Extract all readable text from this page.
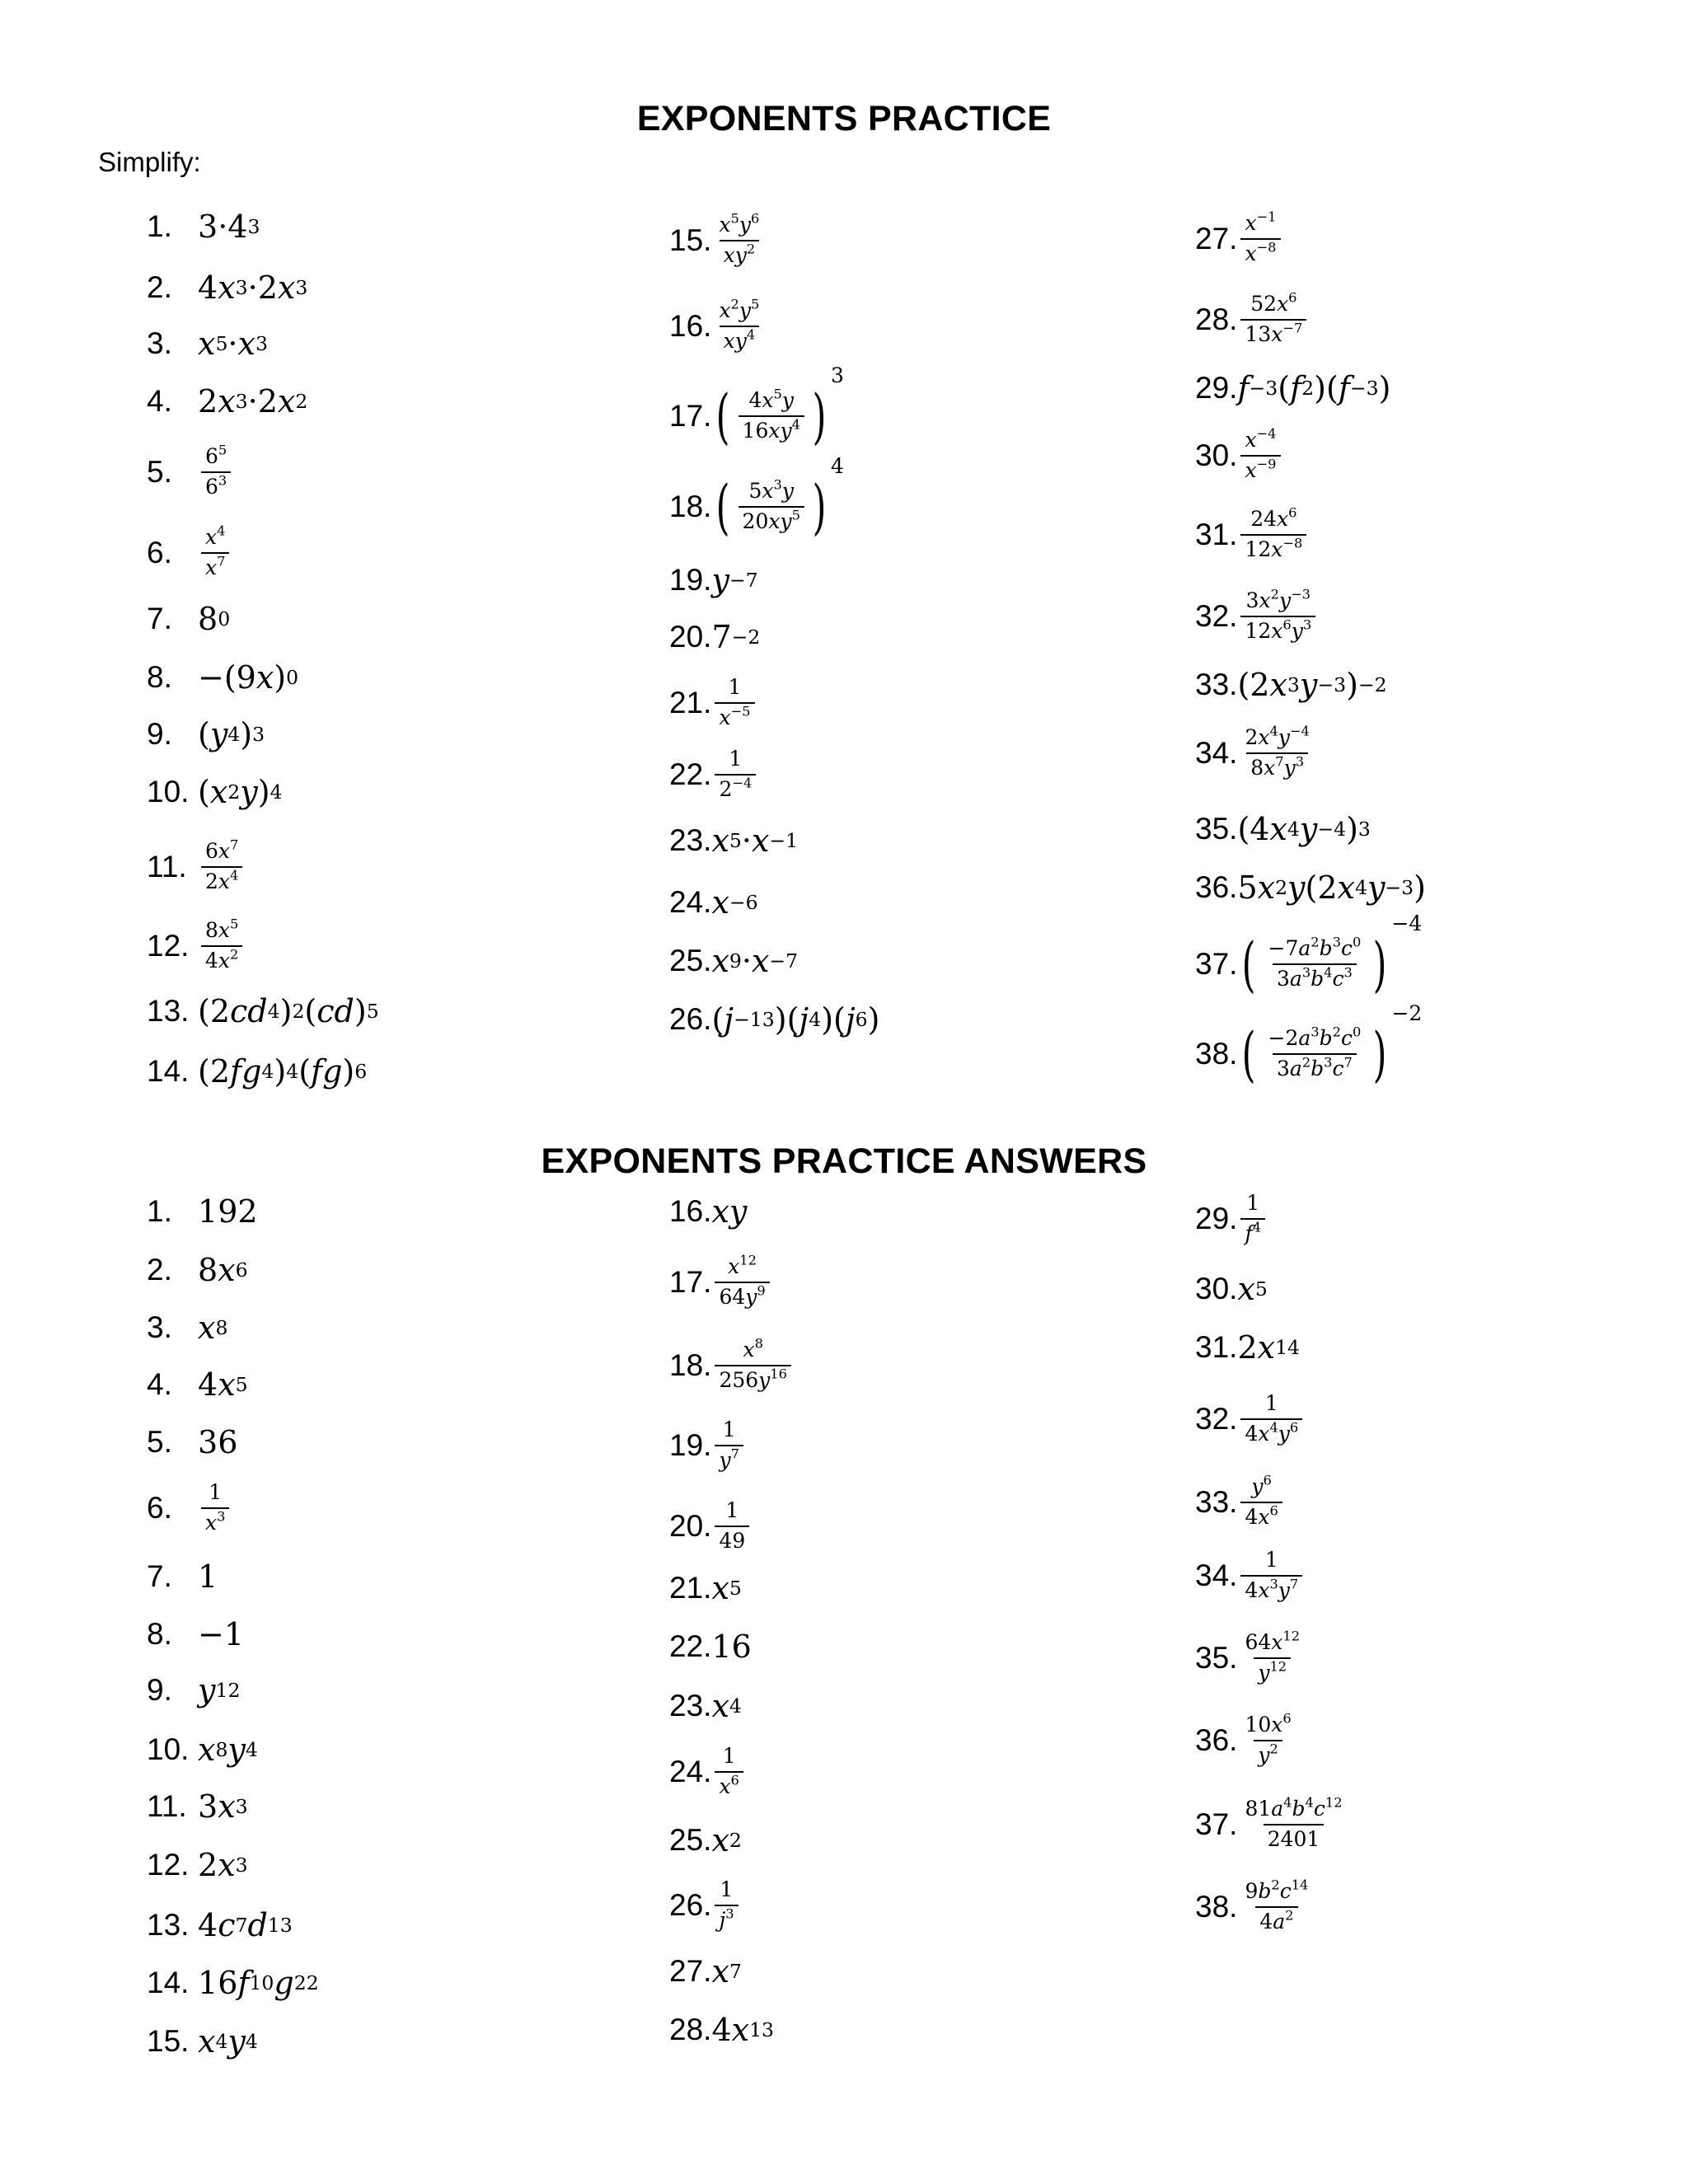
EXPONENTS PRACTICE
Simplify:
EXPONENTS PRACTICE ANSWERS
1. 3 · 4 3
2. 4 x 3 · 2 x 3
3. x 5 · x 3
4. 2 x 3 · 2 x 2
5.	$\frac{6^5}{6^3}$
6.	$\frac{x^4}{x^7}$
7. 8 0
8. − ( 9 x ) 0
9. ( y 4 ) 3
10. ( x 2 y ) 4
11. $\frac{6x^7}{2x^4}$
12. $\frac{8x^5}{4x^2}$
13. ( 2 cd 4 ) 2 ( cd ) 5
14. ( 2 fg 4 ) 4 ( fg ) 6
15. $\frac{x^5y^6}{xy^2}$
16. $\frac{x^2y^5}{xy^4}$
17. ( $\frac{4x^5y}{16xy^4}$ )
3
18. ( $\frac{5x^3y}{20xy^5}$ )
4
19. y −7
20. 7 −2
21. $\frac{1}{x^{-5}}$
22. $\frac{1}{2^{-4}}$
23. x 5 · x −1
24. x −6
25. x 9 · x −7
26. ( j −13 ) ( j 4 ) ( j 6 )
27. $\frac{x^{-1}}{x^{-8}}$
28. $\frac{52x^6}{13x^{-7}}$
29. f −3 ( f 2 ) ( f −3 )
30. $\frac{x^{-4}}{x^{-9}}$
31. $\frac{24x^6}{12x^{-8}}$
32. $\frac{3x^2y^{-3}}{12x^6y^3}$
33. ( 2 x 3 y −3 ) −2
34. $\frac{2x^4y^{-4}}{8x^7y^3}$
35. ( 4 x 4 y −4 ) 3
36. 5 x 2 y ( 2 x 4 y −3 )
37. ( $\frac{-7a^2b^3c^0}{3a^3b^4c^3}$ )
−4
38. ( $\frac{-2a^3b^2c^0}{3a^2b^3c^7}$ )
−2
1. 1 9 2
2. 8 x 6
3. x 8
4. 4 x 5
5. 3 6
6.	$\frac{1}{x^3}$
7. 1
8. − 1
9. y 12
10. x 8 y 4
11. 3 x 3
12. 2 x 3
13. 4 c 7 d 13
14. 1 6 f 10 g 22
15. x 4 y 4
16. xy
17. $\frac{x^{12}}{64y^9}$
18. $\frac{x^8}{256y^{16}}$
19. $\frac{1}{y^7}$
20. $\frac{1}{49}$
21. x 5
22. 1 6
23. x 4
24. $\frac{1}{x^6}$
25. x 2
26. $\frac{1}{j^3}$
27. x 7
28. 4 x 13
29. $\frac{1}{f^4}$
30. x 5
31. 2 x 14
32. $\frac{1}{4x^4y^6}$
33. $\frac{y^6}{4x^6}$
34. $\frac{1}{4x^3y^7}$
35. $\frac{64x^{12}}{y^{12}}$
36. $\frac{10x^6}{y^2}$
37. $\frac{81a^4b^4c^{12}}{2401}$
38. $\frac{9b^2c^{14}}{4a^2}$
